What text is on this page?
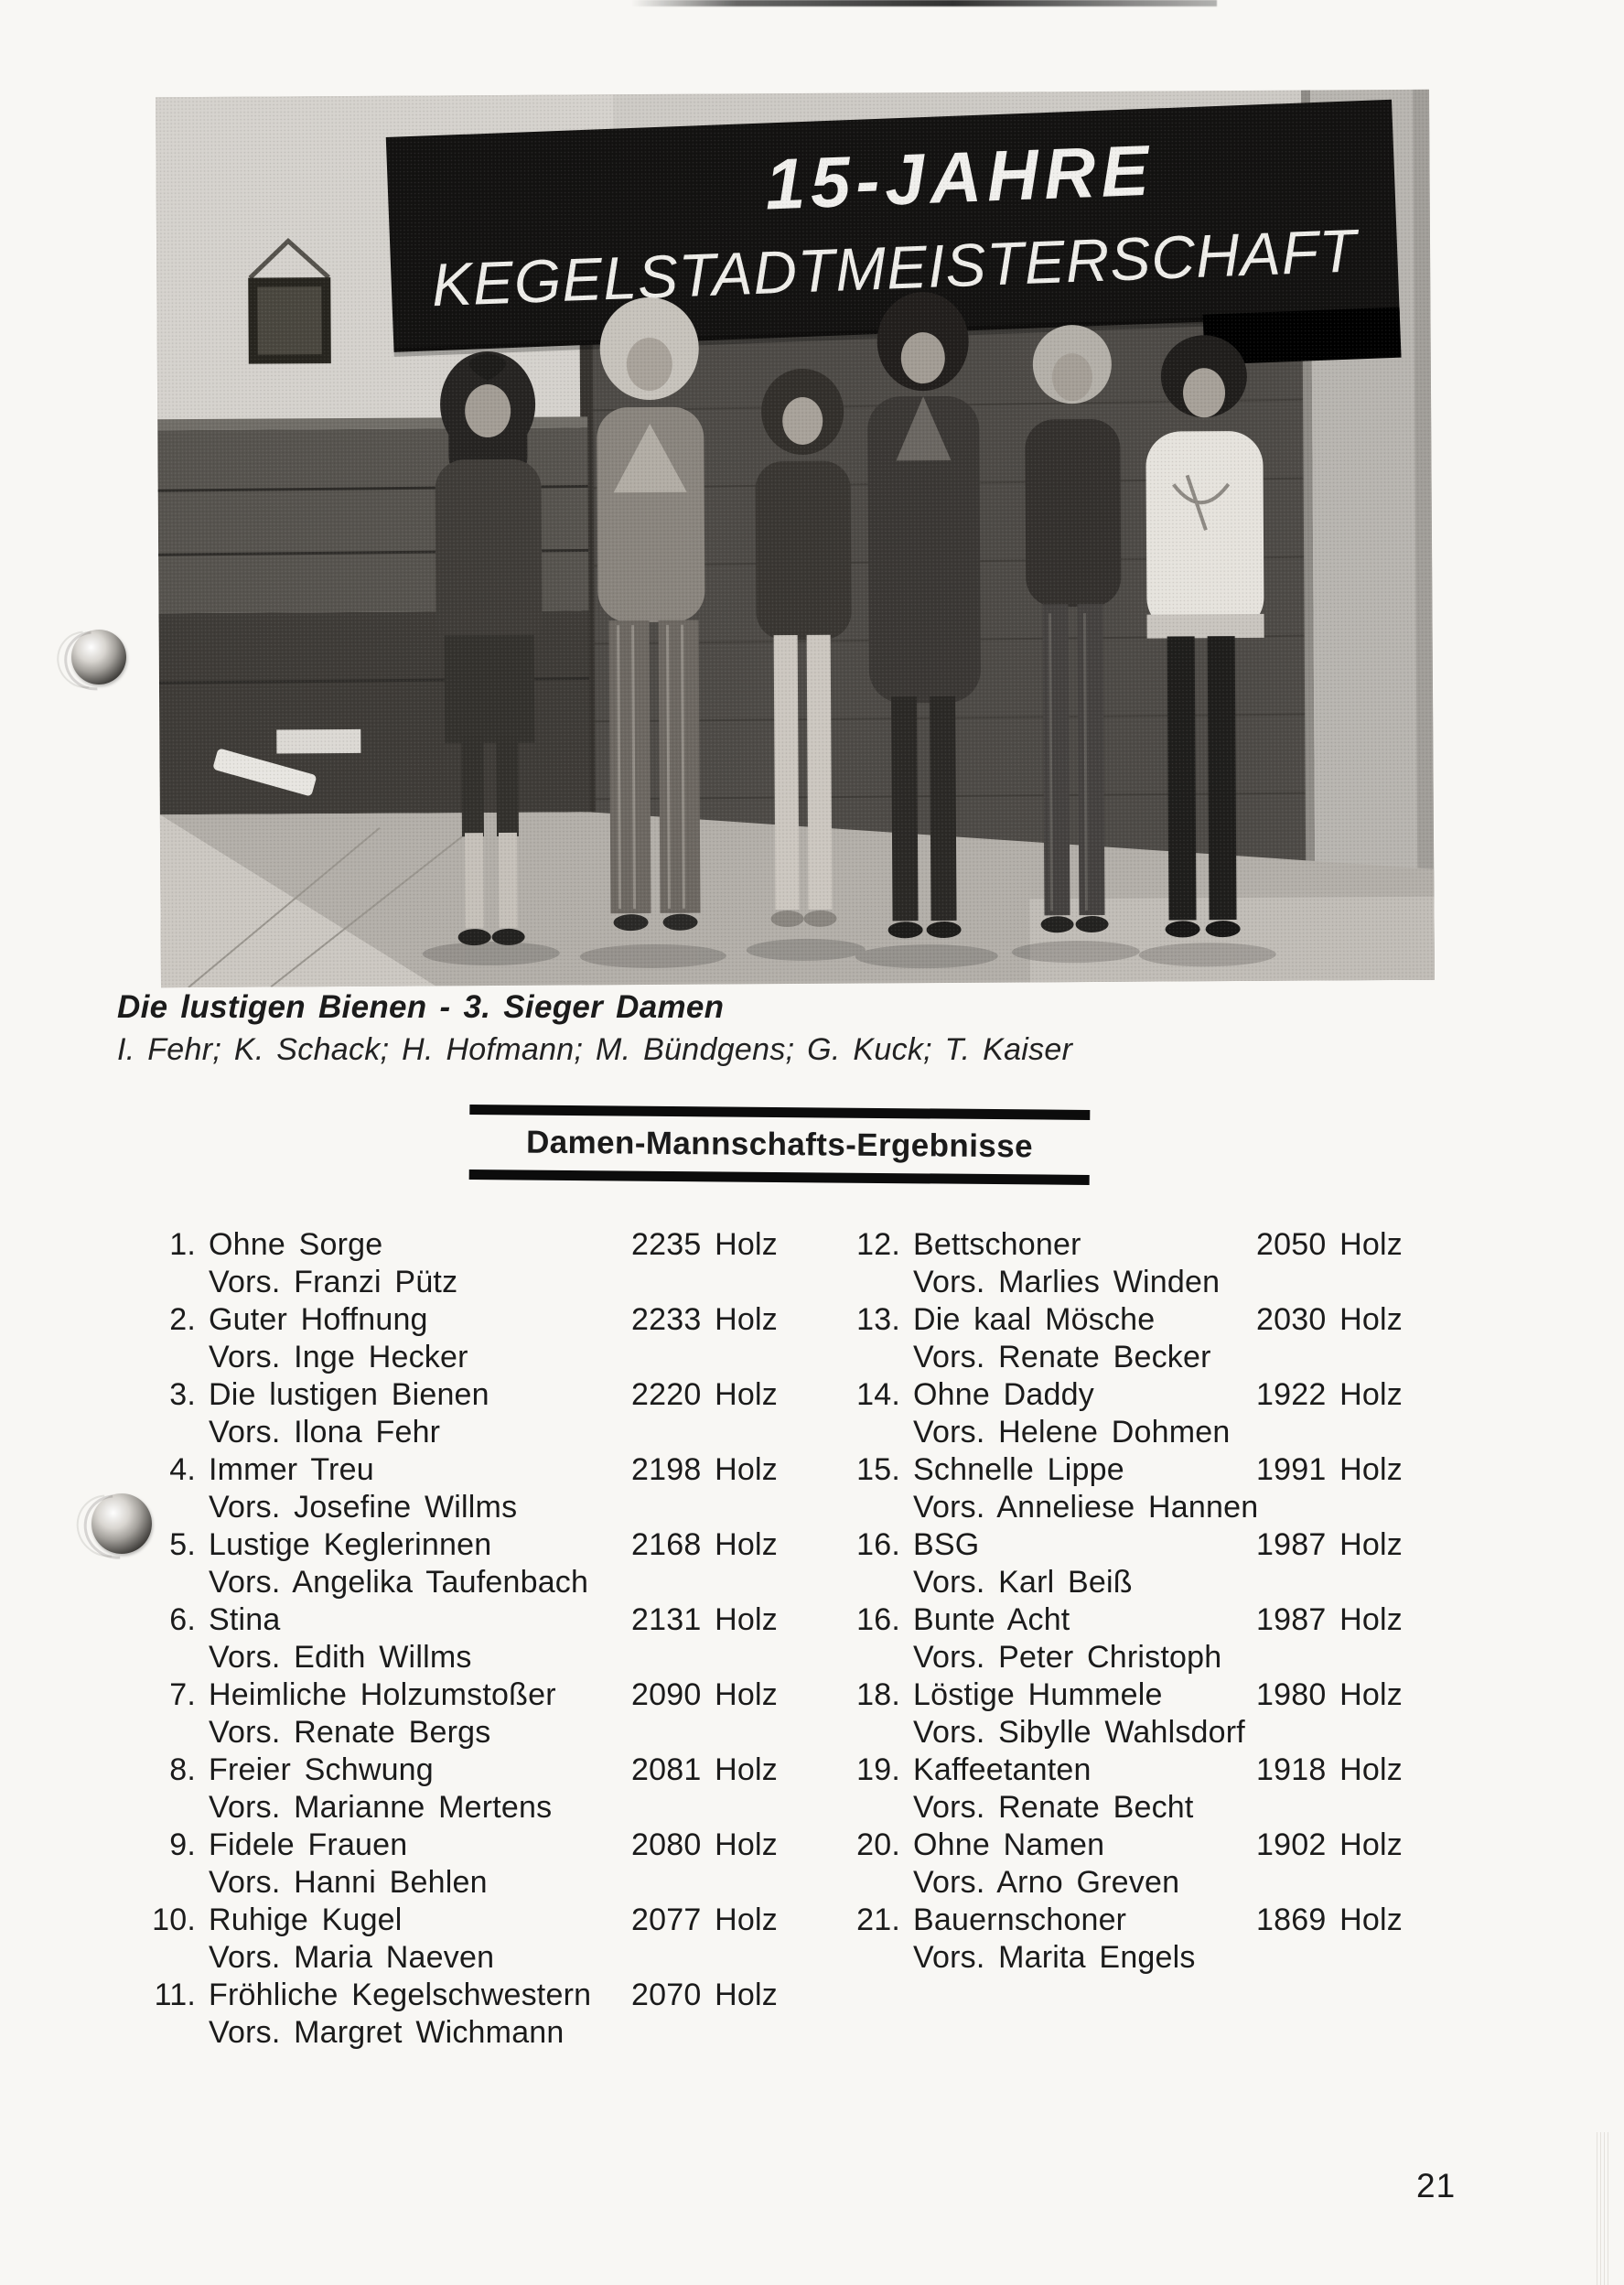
Die lustigen Bienen - 3. Sieger Damen
I. Fehr; K. Schack; H. Hofmann; M. Bündgens; G. Kuck; T. Kaiser
Damen-Mannschafts-Ergebnisse
1. Ohne Sorge	2235 Holz
Vors. Franzi Pütz
2. Guter Hoffnung	2233 Holz
Vors. Inge Hecker
3. Die lustigen Bienen	2220 Holz
Vors. Ilona Fehr
4. Immer Treu	2198 Holz
Vors. Josefine Willms
5. Lustige Keglerinnen	2168 Holz
Vors. Angelika Taufenbach
6. Stina	2131 Holz
Vors. Edith Willms
7. Heimliche Holzumstoßer 2090 Holz
Vors. Renate Bergs
8. Freier Schwung	2081 Holz
Vors. Marianne Mertens
9. Fidele Frauen	2080 Holz
Vors. Hanni Behlen
10. Ruhige Kugel	2077 Holz
Vors. Maria Naeven
11. Fröhliche Kegelschwestern 2070 Holz
Vors. Margret Wichmann
12. Bettschoner	2050 Holz
Vors. Marlies Winden
13. Die kaal Mösche	2030 Holz
Vors. Renate Becker
14. Ohne Daddy	1922 Holz
Vors. Helene Dohmen
15. Schnelle Lippe	1991 Holz
Vors. Anneliese Hannen
16. BSG	1987 Holz
Vors. Karl Beiß
16. Bunte Acht	1987 Holz
Vors. Peter Christoph
18. Löstige Hummele	1980 Holz
Vors. Sibylle Wahlsdorf
19. Kaffeetanten	1918 Holz
Vors. Renate Becht
20. Ohne Namen	1902 Holz
Vors. Arno Greven
21. Bauernschoner	1869 Holz
Vors. Marita Engels
21
